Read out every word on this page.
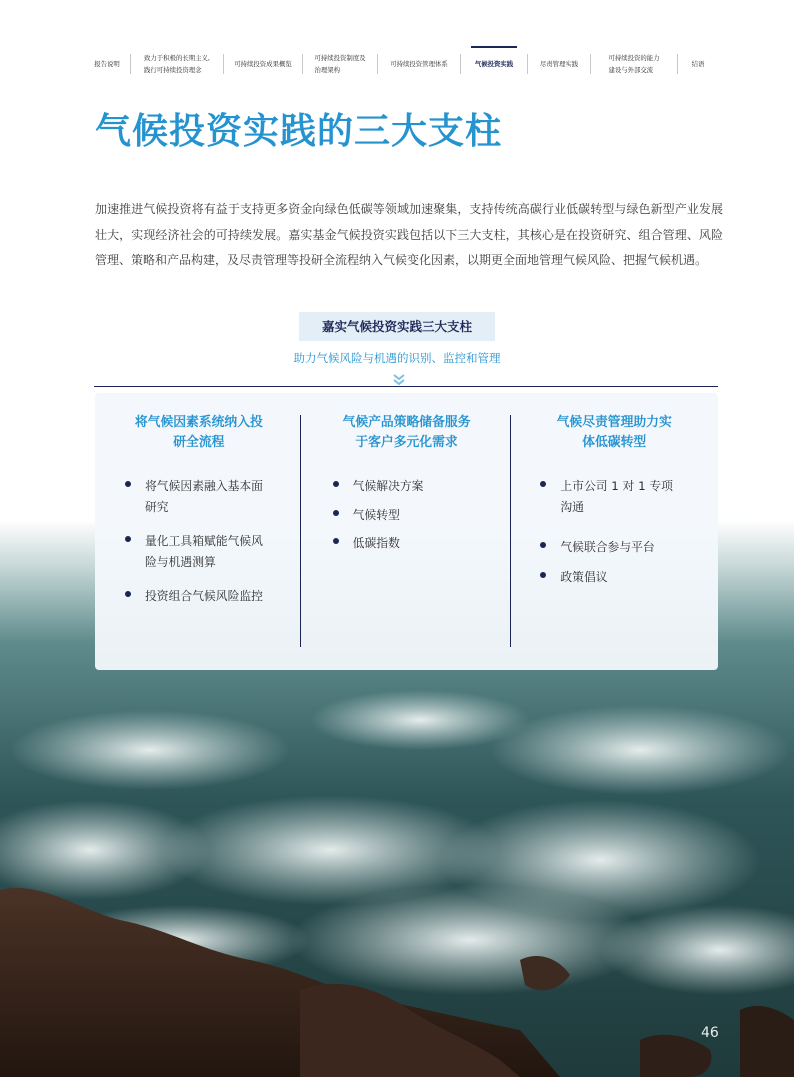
报告说明
致力于积极的长期主义,
践行可持续投资理念
可持续投资成果概览
可持续投资制度及
治理架构
可持续投资管理体系	气候投资实践	尽责管理实践
可持续投资的能力
建设与外部交流
结语
气候投资实践的三大支柱

加速推进气候投资将有益于支持更多资金向绿色低碳等领域加速聚集，支持传统高碳行业低碳转型与绿色新型产业发展壮大，实现经济社会的可持续发展。嘉实基金气候投资实践包括以下三大支柱，其核心是在投资研究、组合管理、风险管理、策略和产品构建，及尽责管理等投研全流程纳入气候变化因素，以期更全面地管理气候风险、把握气候机遇。

嘉实气候投资实践三大支柱
助力气候风险与机遇的识别、监控和管理
将气候因素系统纳入投
研全流程
将气候因素融入基本面
研究
量化工具箱赋能气候风
险与机遇测算
投资组合气候风险监控
气候产品策略储备服务
于客户多元化需求
气候解决方案
气候转型
低碳指数
气候尽责管理助力实
体低碳转型
上市公司 1 对 1 专项
沟通
气候联合参与平台
政策倡议
46
